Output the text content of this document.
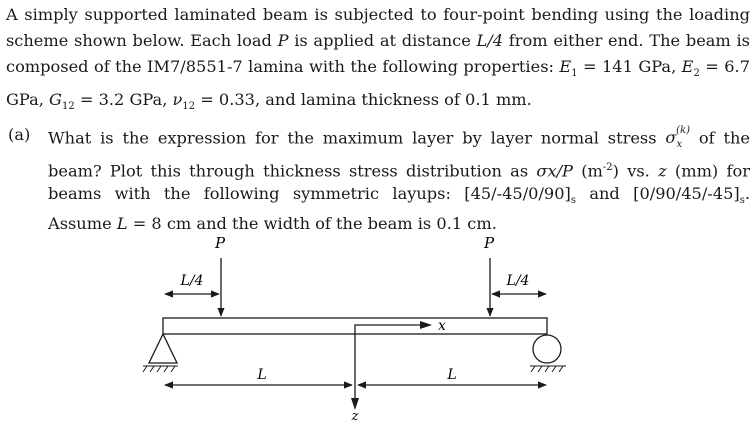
A simply supported laminated beam is subjected to four-point bending using the loading scheme shown below. Each load P is applied at distance L/4 from either end. The beam is composed of the IM7/8551-7 lamina with the following properties: $E_1 = 141$ GPa, $E_2 = 6.7$ GPa, $G_{12} = 3.2$ GPa, $\nu_{12} = 0.33$, and lamina thickness of 0.1 mm.

(a)	What is the expression for the maximum layer by layer normal stress $\sigma_x^{(k)}$ of the beam? Plot this through thickness stress distribution as σx/P $(m^{-2})$ vs. z (mm) for beams with the following symmetric layups: $[45/-45/0/90]_s$ and $[0/90/45/-45]_s$. Assume L = 8 cm and the width of the beam is 0.1 cm.
P	P
L/4	L/4
x
z
L	L
